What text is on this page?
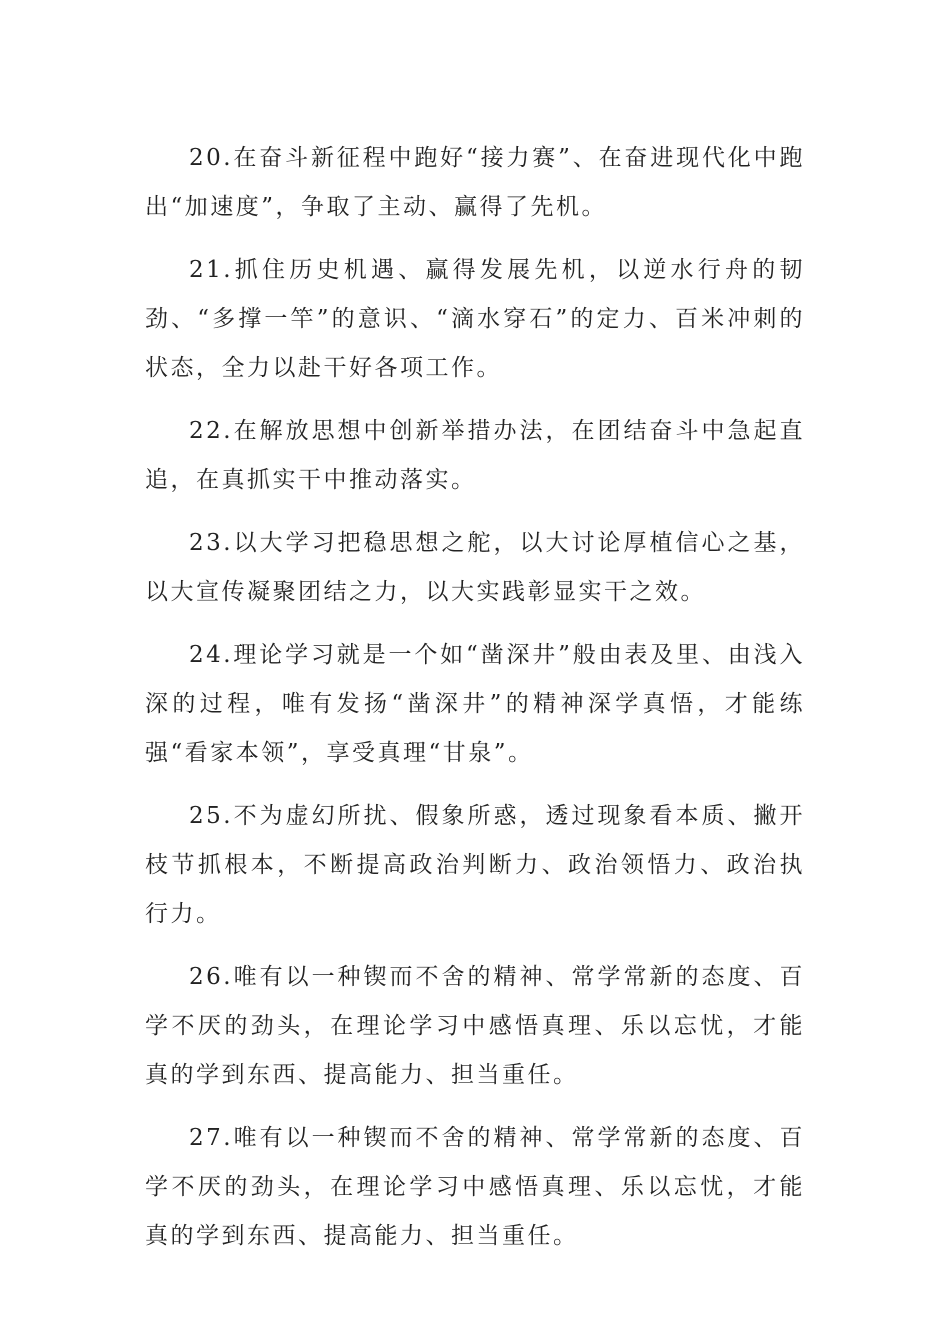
20.在奋斗新征程中跑好“接力赛”、在奋进现代化中跑出“加速度”，争取了主动、赢得了先机。

21.抓住历史机遇、赢得发展先机，以逆水行舟的韧劲、“多撑一竿”的意识、“滴水穿石”的定力、百米冲刺的状态，全力以赴干好各项工作。

22.在解放思想中创新举措办法，在团结奋斗中急起直追，在真抓实干中推动落实。

23.以大学习把稳思想之舵，以大讨论厚植信心之基，以大宣传凝聚团结之力，以大实践彰显实干之效。

24.理论学习就是一个如“凿深井”般由表及里、由浅入深的过程，唯有发扬“凿深井”的精神深学真悟，才能练强“看家本领”，享受真理“甘泉”。

25.不为虚幻所扰、假象所惑，透过现象看本质、撇开枝节抓根本，不断提高政治判断力、政治领悟力、政治执行力。

26.唯有以一种锲而不舍的精神、常学常新的态度、百学不厌的劲头，在理论学习中感悟真理、乐以忘忧，才能真的学到东西、提高能力、担当重任。

27.唯有以一种锲而不舍的精神、常学常新的态度、百学不厌的劲头，在理论学习中感悟真理、乐以忘忧，才能真的学到东西、提高能力、担当重任。
